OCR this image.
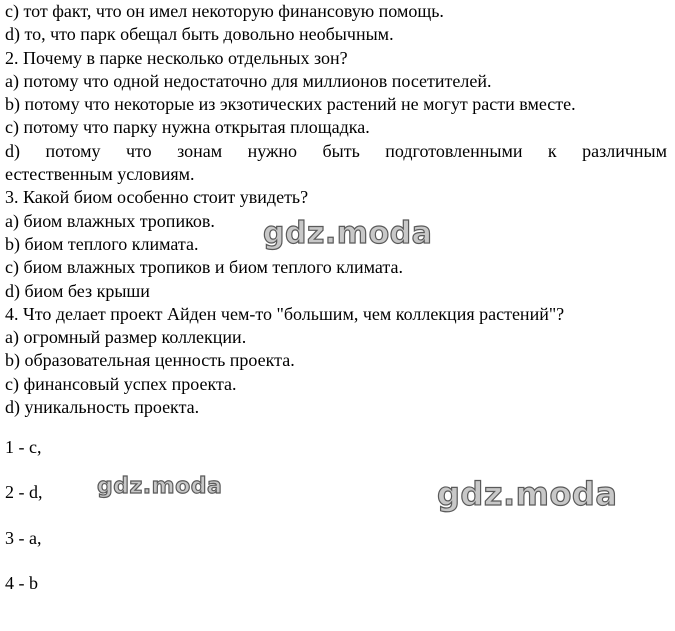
c) тот факт, что он имел некоторую финансовую помощь.

d) то, что парк обещал быть довольно необычным.

2. Почему в парке несколько отдельных зон?

a) потому что одной недостаточно для миллионов посетителей.

b) потому что некоторые из экзотических растений не могут расти вместе.

c) потому что парку нужна открытая площадка.

d) потому что зонам нужно быть подготовленными к различным

естественным условиям.

3. Какой биом особенно стоит увидеть?

a) биом влажных тропиков.

b) биом теплого климата.

c) биом влажных тропиков и биом теплого климата.

d) биом без крыши

4. Что делает проект Айден чем-то "большим, чем коллекция растений"?

a) огромный размер коллекции.

b) образовательная ценность проекта.

c) финансовый успех проекта.

d) уникальность проекта.

1 - c,
2 - d,
3 - a,
4 - b
gdz.moda
gdz.moda	gdz.moda
